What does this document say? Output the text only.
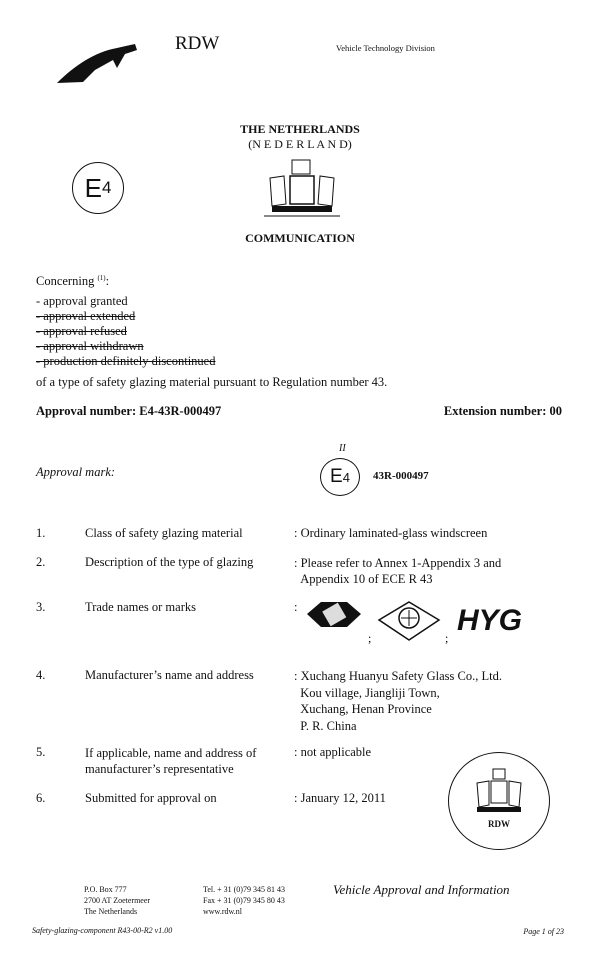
RDW	Vehicle Technology Division
THE NETHERLANDS
(N E D E R L A N D)
E 4
COMMUNICATION
Concerning $^{(1)}$:
- approval granted
- approval extended
- approval refused
- approval withdrawn
- production definitely discontinued
of a type of safety glazing material pursuant to Regulation number 43.
Approval number: E4-43R-000497	Extension number: 00
II
Approval mark:	E 4 43R-000497
1.	Class of safety glazing material	: Ordinary laminated-glass windscreen
2.	Description of the type of glazing	: Please refer to Annex 1-Appendix 3 and
Appendix 10 of ECE R 43
3.	Trade names or marks	:
;	;
HYG
4.	Manufacturer’s name and address	: Xuchang Huanyu Safety Glass Co., Ltd.
Kou village, Jiangliji Town,
Xuchang, Henan Province
P. R. China
5.	If applicable, name and address of
manufacturer’s representative
: not applicable
6.	Submitted for approval on	: January 12, 2011
RDW
P.O. Box 777
2700 AT Zoetermeer
The Netherlands
Tel. + 31 (0)79 345 81 43
Fax + 31 (0)79 345 80 43
www.rdw.nl
Vehicle Approval and Information
Safety-glazing-component R43-00-R2 v1.00	Page 1 of 23
